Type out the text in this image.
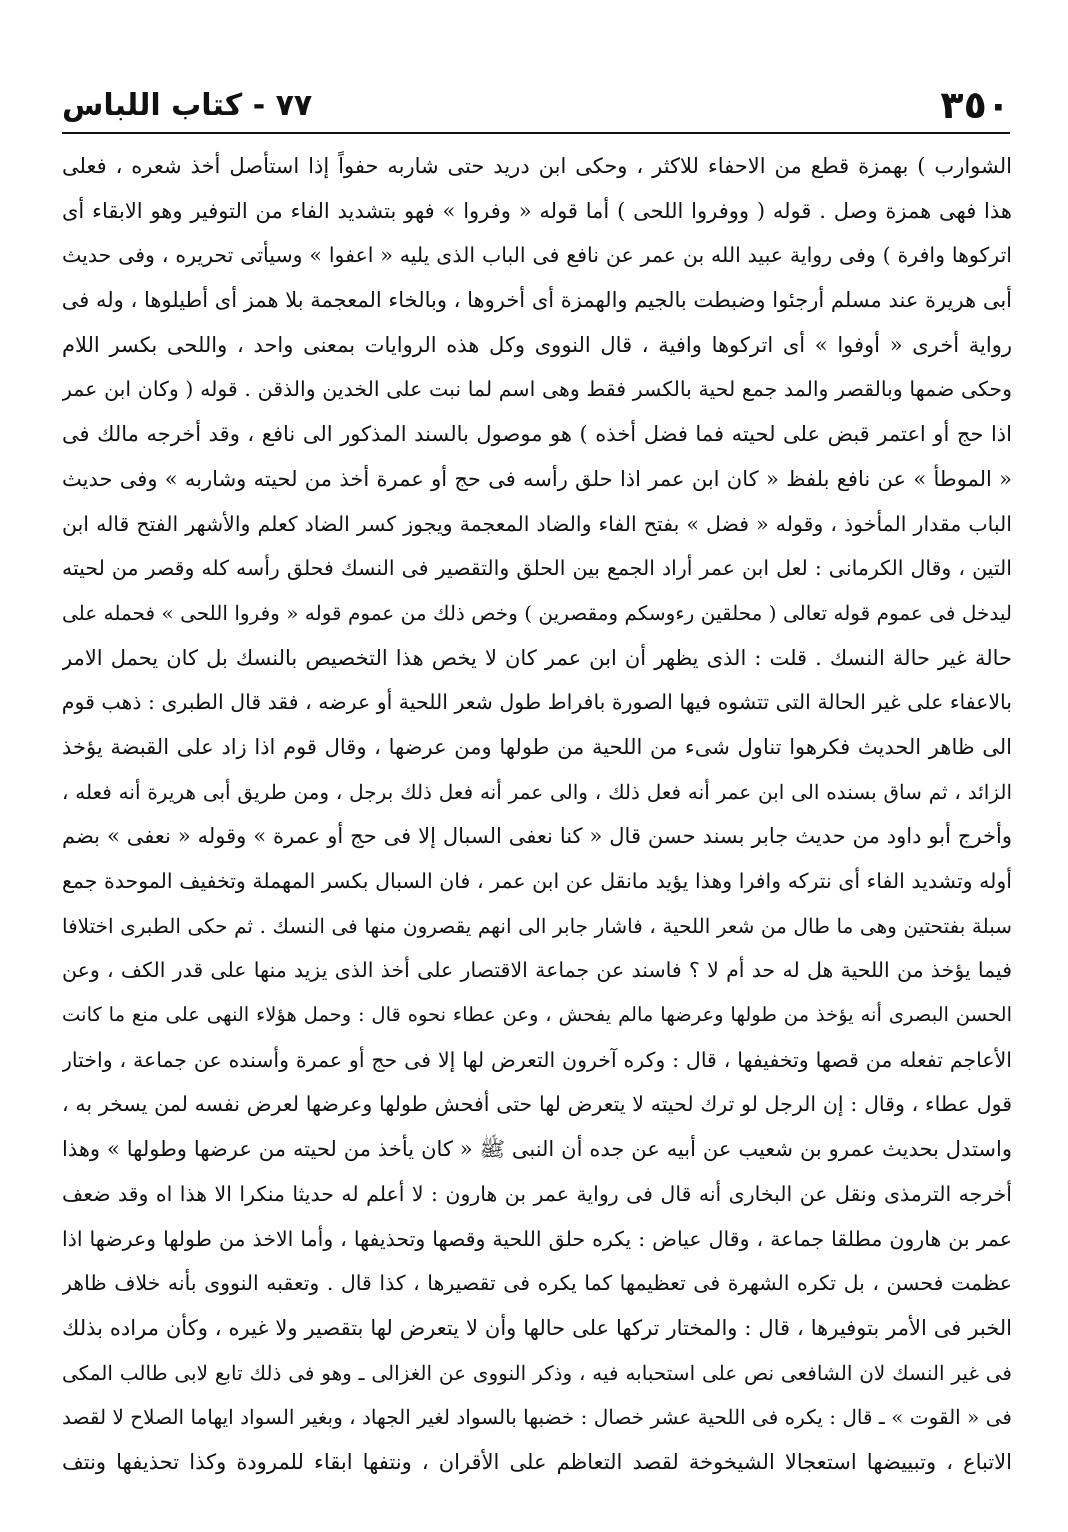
٣٥٠
٧٧ - كتاب اللباس
الشوارب ) بهمزة قطع من الاحفاء للاكثر ، وحكى ابن دريد حتى شاربه حفواً إذا استأصل أخذ شعره ، فعلى
هذا فهى همزة وصل . قوله ( ووفروا اللحى ) أما قوله « وفروا » فهو بتشديد الفاء من التوفير وهو الابقاء أى
اتركوها وافرة ) وفى رواية عبيد الله بن عمر عن نافع فى الباب الذى يليه « اعفوا » وسيأتى تحريره ، وفى حديث
أبى هريرة عند مسلم أرجئوا وضبطت بالجيم والهمزة أى أخروها ، وبالخاء المعجمة بلا همز أى أطيلوها ، وله فى
رواية أخرى « أوفوا » أى اتركوها وافية ، قال النووى وكل هذه الروايات بمعنى واحد ، واللحى بكسر اللام
وحكى ضمها وبالقصر والمد جمع لحية بالكسر فقط وهى اسم لما نبت على الخدين والذقن . قوله ( وكان ابن عمر
اذا حج أو اعتمر قبض على لحيته فما فضل أخذه ) هو موصول بالسند المذكور الى نافع ، وقد أخرجه مالك فى
« الموطأ » عن نافع بلفظ « كان ابن عمر اذا حلق رأسه فى حج أو عمرة أخذ من لحيته وشاربه » وفى حديث
الباب مقدار المأخوذ ، وقوله « فضل » بفتح الفاء والضاد المعجمة ويجوز كسر الضاد كعلم والأشهر الفتح قاله ابن
التين ، وقال الكرمانى : لعل ابن عمر أراد الجمع بين الحلق والتقصير فى النسك فحلق رأسه كله وقصر من لحيته
ليدخل فى عموم قوله تعالى ( محلقين رءوسكم ومقصرين ) وخص ذلك من عموم قوله « وفروا اللحى » فحمله على
حالة غير حالة النسك . قلت : الذى يظهر أن ابن عمر كان لا يخص هذا التخصيص بالنسك بل كان يحمل الامر
بالاعفاء على غير الحالة التى تتشوه فيها الصورة بافراط طول شعر اللحية أو عرضه ، فقد قال الطبرى : ذهب قوم
الى ظاهر الحديث فكرهوا تناول شىء من اللحية من طولها ومن عرضها ، وقال قوم اذا زاد على القبضة يؤخذ
الزائد ، ثم ساق بسنده الى ابن عمر أنه فعل ذلك ، والى عمر أنه فعل ذلك برجل ، ومن طريق أبى هريرة أنه فعله ،
وأخرج أبو داود من حديث جابر بسند حسن قال « كنا نعفى السبال إلا فى حج أو عمرة » وقوله « نعفى » بضم
أوله وتشديد الفاء أى نتركه وافرا وهذا يؤيد مانقل عن ابن عمر ، فان السبال بكسر المهملة وتخفيف الموحدة جمع
سبلة بفتحتين وهى ما طال من شعر اللحية ، فاشار جابر الى انهم يقصرون منها فى النسك . ثم حكى الطبرى اختلافا
فيما يؤخذ من اللحية هل له حد أم لا ؟ فاسند عن جماعة الاقتصار على أخذ الذى يزيد منها على قدر الكف ، وعن
الحسن البصرى أنه يؤخذ من طولها وعرضها مالم يفحش ، وعن عطاء نحوه قال : وحمل هؤلاء النهى على منع ما كانت
الأعاجم تفعله من قصها وتخفيفها ، قال : وكره آخرون التعرض لها إلا فى حج أو عمرة وأسنده عن جماعة ، واختار
قول عطاء ، وقال : إن الرجل لو ترك لحيته لا يتعرض لها حتى أفحش طولها وعرضها لعرض نفسه لمن يسخر به ،
واستدل بحديث عمرو بن شعيب عن أبيه عن جده أن النبى ﷺ « كان يأخذ من لحيته من عرضها وطولها » وهذا
أخرجه الترمذى ونقل عن البخارى أنه قال فى رواية عمر بن هارون : لا أعلم له حديثا منكرا الا هذا اه وقد ضعف
عمر بن هارون مطلقا جماعة ، وقال عياض : يكره حلق اللحية وقصها وتحذيفها ، وأما الاخذ من طولها وعرضها اذا
عظمت فحسن ، بل تكره الشهرة فى تعظيمها كما يكره فى تقصيرها ، كذا قال . وتعقبه النووى بأنه خلاف ظاهر
الخبر فى الأمر بتوفيرها ، قال : والمختار تركها على حالها وأن لا يتعرض لها بتقصير ولا غيره ، وكأن مراده بذلك
فى غير النسك لان الشافعى نص على استحبابه فيه ، وذكر النووى عن الغزالى ـ وهو فى ذلك تابع لابى طالب المكى
فى « القوت » ـ قال : يكره فى اللحية عشر خصال : خضبها بالسواد لغير الجهاد ، وبغير السواد ايهاما الصلاح لا لقصد
الاتباع ، وتبييضها استعجالا الشيخوخة لقصد التعاظم على الأقران ، ونتفها ابقاء للمرودة وكذا تحذيفها ونتف
